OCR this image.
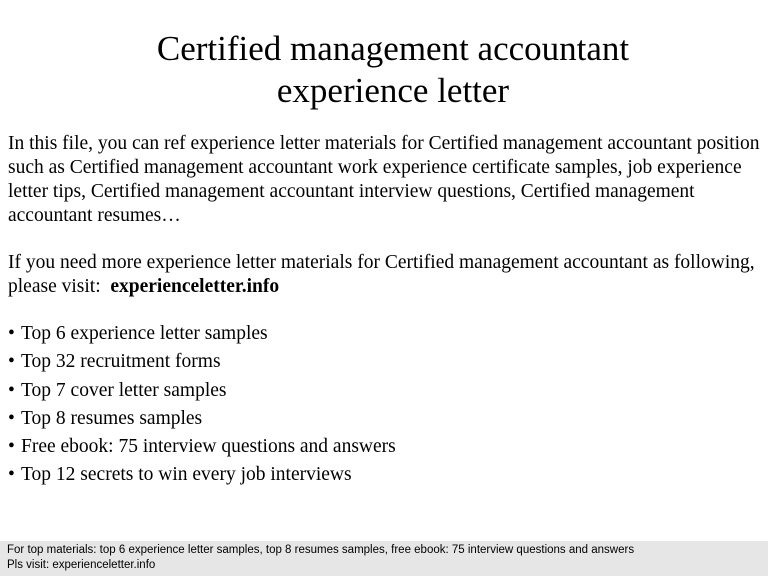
Certified management accountant
experience letter

In this file, you can ref experience letter materials for Certified management accountant position such as Certified management accountant work experience certificate samples, job experience letter tips, Certified management accountant interview questions, Certified management accountant resumes…

If you need more experience letter materials for Certified management accountant as following, please visit: experienceletter.info

• Top 6 experience letter samples
• Top 32 recruitment forms
• Top 7 cover letter samples
• Top 8 resumes samples
• Free ebook: 75 interview questions and answers
• Top 12 secrets to win every job interviews
For top materials: top 6 experience letter samples, top 8 resumes samples, free ebook: 75 interview questions and answers
Pls visit: experienceletter.info
